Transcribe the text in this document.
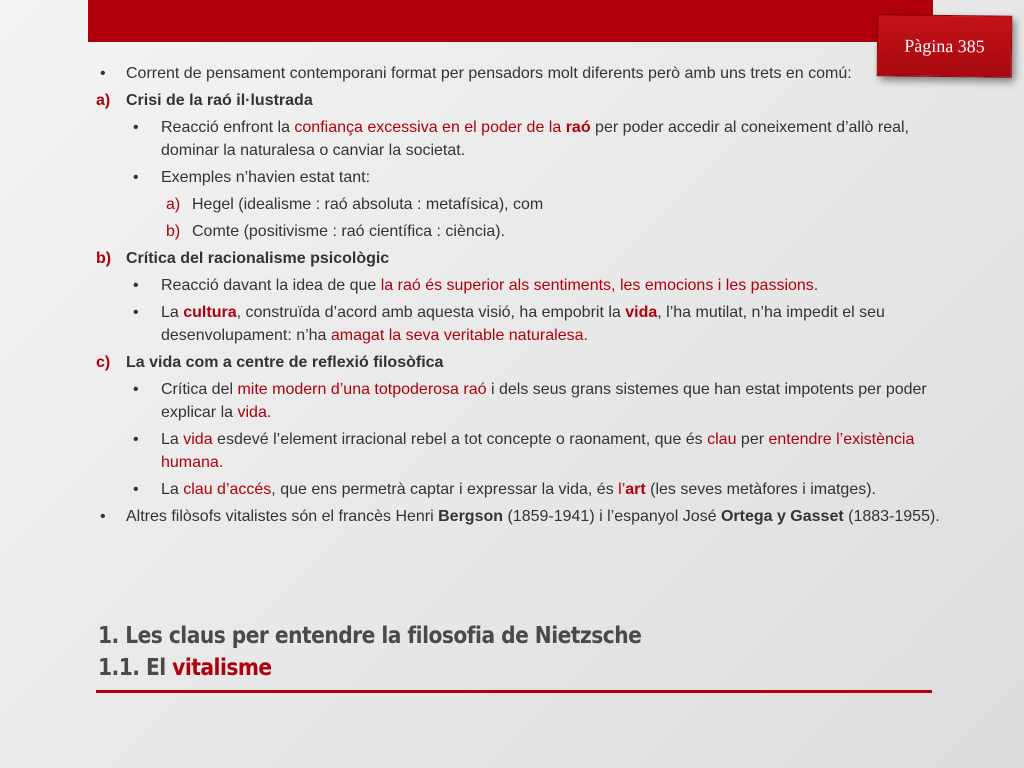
Pàgina 385
• Corrent de pensament contemporani format per pensadors molt diferents però amb uns trets en comú:
a) Crisi de la raó il·lustrada
• Reacció enfront la confiança excessiva en el poder de la raó per poder accedir al coneixement d’allò real, dominar la naturalesa o canviar la societat.
• Exemples n’havien estat tant:
a) Hegel (idealisme : raó absoluta : metafísica), com
b) Comte (positivisme : raó científica : ciència).
b) Crítica del racionalisme psicològic
• Reacció davant la idea de que la raó és superior als sentiments, les emocions i les passions.
• La cultura, construïda d’acord amb aquesta visió, ha empobrit la vida, l’ha mutilat, n’ha impedit el seu desenvolupament: n’ha amagat la seva veritable naturalesa.
c) La vida com a centre de reflexió filosòfica
• Crítica del mite modern d’una totpoderosa raó i dels seus grans sistemes que han estat impotents per poder explicar la vida.
• La vida esdevé l’element irracional rebel a tot concepte o raonament, que és clau per entendre l’existència humana.
• La clau d’accés, que ens permetrà captar i expressar la vida, és l’art (les seves metàfores i imatges).
• Altres filòsofs vitalistes són el francès Henri Bergson (1859-1941) i l’espanyol José Ortega y Gasset (1883-1955).
1. Les claus per entendre la filosofia de Nietzsche
1.1. El vitalisme
